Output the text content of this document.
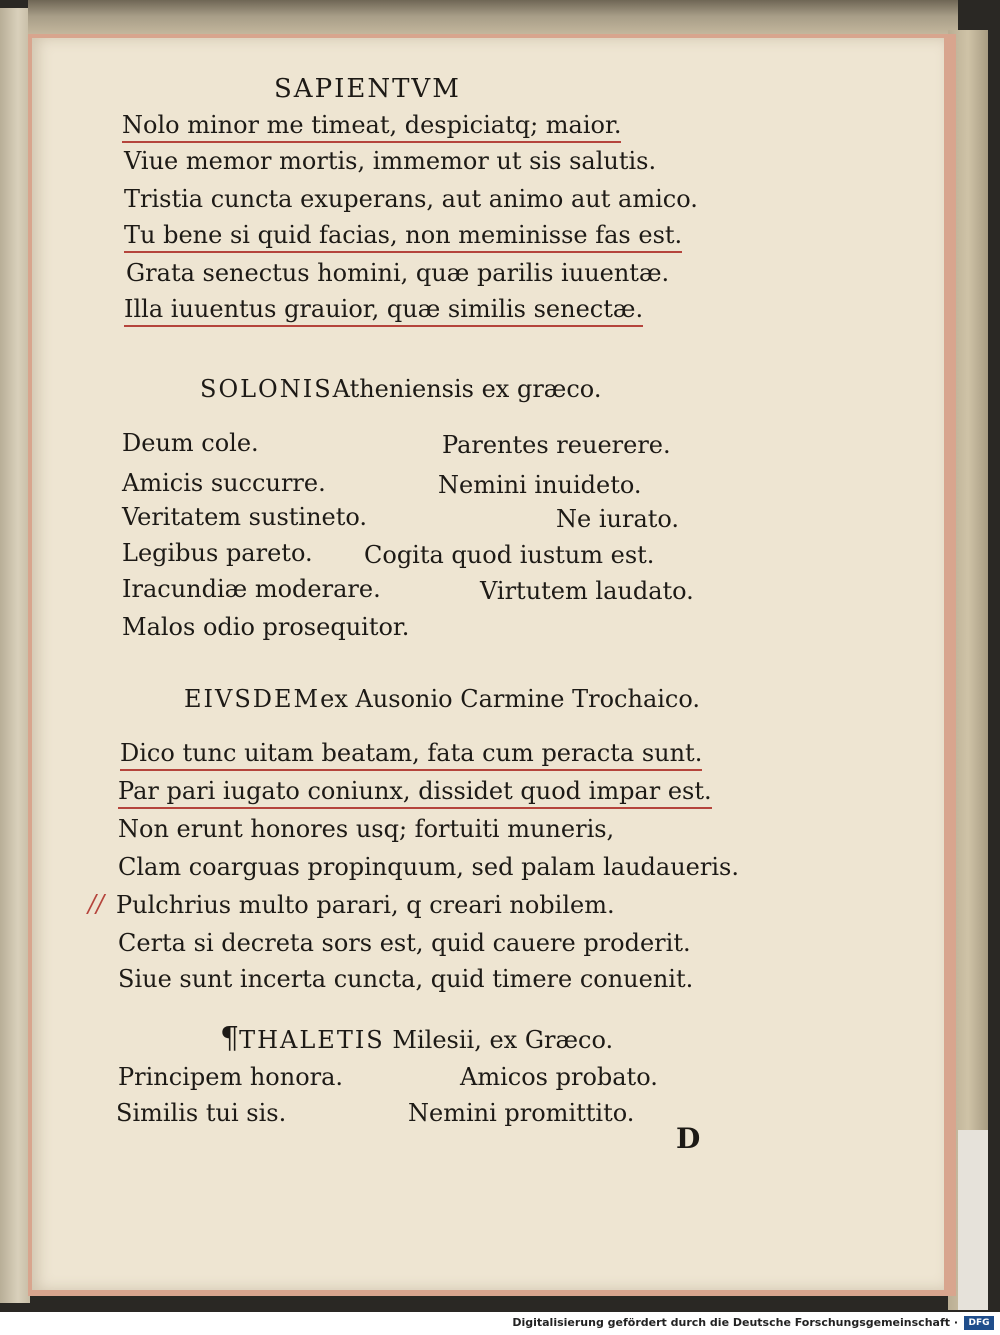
SAPIENTVM
Nolo minor me timeat, despiciatq; maior.
Viue memor mortis, immemor ut sis salutis.
Tristia cuncta exuperans, aut animo aut amico.
Tu bene si quid facias, non meminisse fas est.
Grata senectus homini, quæ parilis iuuentæ.
Illa iuuentus grauior, quæ similis senectæ.
SOLONISAtheniensis ex græco.
Deum cole.	Parentes reuerere.
Amicis succurre.	Nemini inuideto.
Veritatem sustineto.	Ne iurato.
Legibus pareto. Cogita quod iustum est.
Iracundiæ moderare.	Virtutem laudato.
Malos odio prosequitor.
EIVSDEMex Ausonio Carmine Trochaico.
Dico tunc uitam beatam, fata cum peracta sunt.
Par pari iugato coniunx, dissidet quod impar est.
Non erunt honores usq; fortuiti muneris,
Clam coarguas propinquum, sed palam laudaueris.
// Pulchrius multo parari, q creari nobilem.
Certa si decreta sors est, quid cauere proderit.
Siue sunt incerta cuncta, quid timere conuenit.
¶THALETIS Milesii, ex Græco.
Principem honora.	Amicos probato.
Similis tui sis.	Nemini promittito.
D
Digitalisierung gefördert durch die Deutsche Forschungsgemeinschaft ·	DFG
